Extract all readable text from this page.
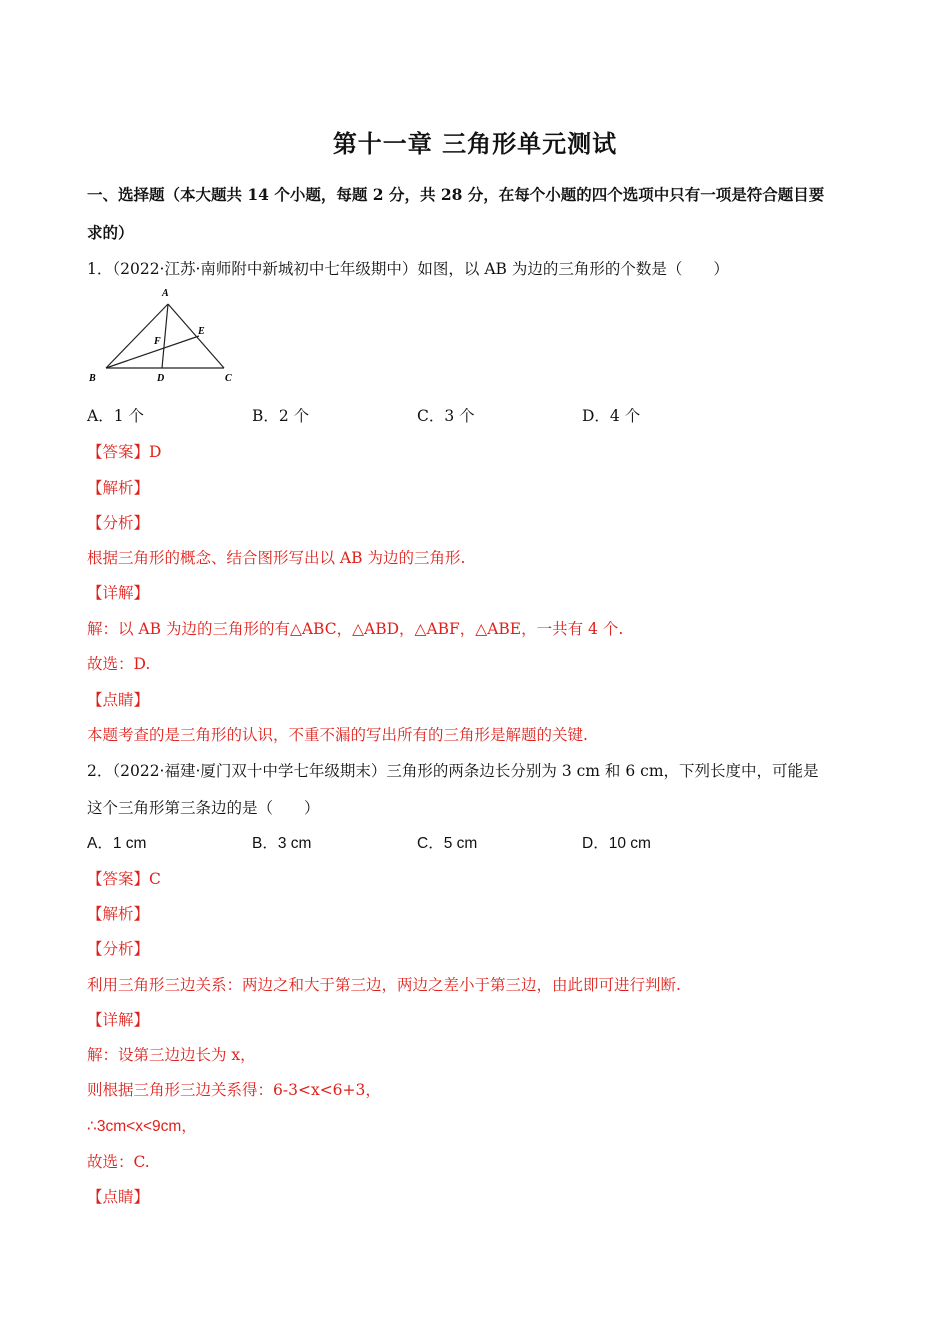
第十一章 三角形单元测试
一、选择题（本大题共 14 个小题，每题 2 分，共 28 分，在每个小题的四个选项中只有一项是符合题目要
求的）
1．（2022·江苏·南师附中新城初中七年级期中）如图，以 AB 为边的三角形的个数是（　　）
A
B	C
D
E
F
A．1 个	B．2 个	C．3 个	D．4 个
【答案】D
【解析】
【分析】
根据三角形的概念、结合图形写出以 AB 为边的三角形.
【详解】
解：以 AB 为边的三角形的有△ABC，△ABD，△ABF，△ABE，一共有 4 个.
故选：D.
【点睛】
本题考查的是三角形的认识，不重不漏的写出所有的三角形是解题的关键.
2．（2022·福建·厦门双十中学七年级期末）三角形的两条边长分别为 3 cm 和 6 cm，下列长度中，可能是
这个三角形第三条边的是（　　）
A．1 cm	B．3 cm	C．5 cm	D．10 cm
【答案】C
【解析】
【分析】
利用三角形三边关系：两边之和大于第三边，两边之差小于第三边，由此即可进行判断.
【详解】
解：设第三边边长为 x，
则根据三角形三边关系得：6-3<x<6+3，
∴3cm<x<9cm，
故选：C.
【点睛】
